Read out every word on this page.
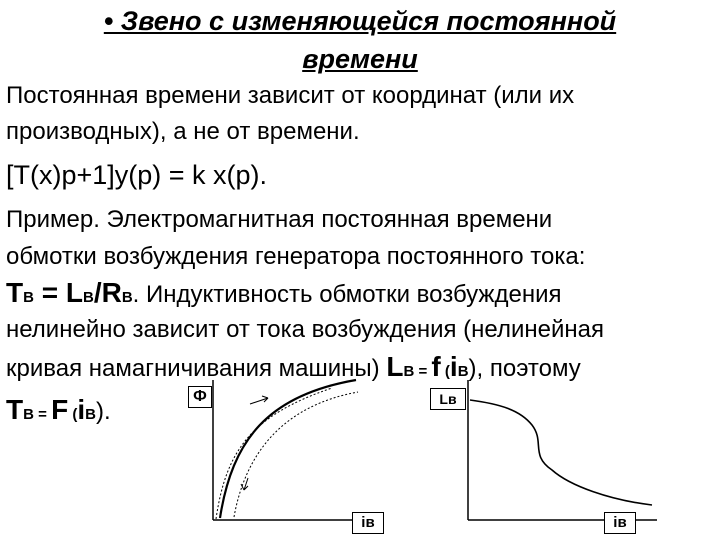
• Звено с изменяющейся постоянной
времени
Постоянная времени зависит от координат (или их
производных), а не от времени.
[T(x)p+1]y(p) = k x(p).
Пример. Электромагнитная постоянная времени
обмотки возбуждения генератора постоянного тока:
TВ = LВ/RВ. Индуктивность обмотки возбуждения
нелинейно зависит от тока возбуждения (нелинейная
кривая намагничивания машины) LВ = f (iВ), поэтому
TВ = F (iВ).
Ф
iв
Lв
iв
